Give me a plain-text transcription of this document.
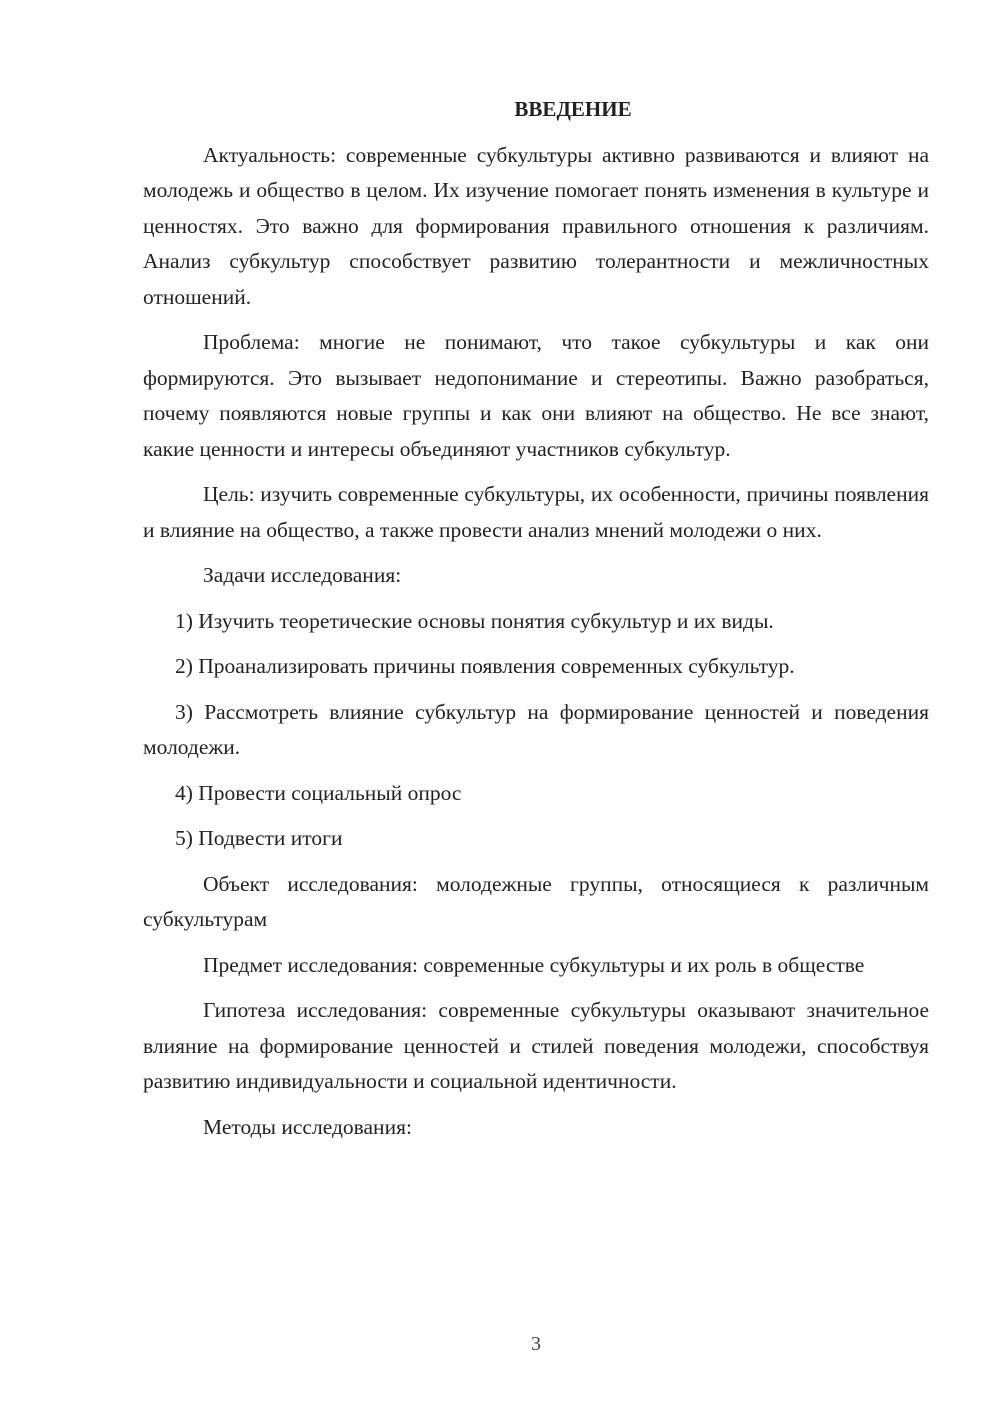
ВВЕДЕНИЕ

Актуальность: современные субкультуры активно развиваются и влияют на молодежь и общество в целом. Их изучение помогает понять изменения в культуре и ценностях. Это важно для формирования правильного отношения к различиям. Анализ субкультур способствует развитию толерантности и межличностных отношений.

Проблема: многие не понимают, что такое субкультуры и как они формируются. Это вызывает недопонимание и стереотипы. Важно разобраться, почему появляются новые группы и как они влияют на общество. Не все знают, какие ценности и интересы объединяют участников субкультур.

Цель: изучить современные субкультуры, их особенности, причины появления и влияние на общество, а также провести анализ мнений молодежи о них.

Задачи исследования:

1) Изучить теоретические основы понятия субкультур и их виды.

2) Проанализировать причины появления современных субкультур.

3) Рассмотреть влияние субкультур на формирование ценностей и поведения молодежи.

4) Провести социальный опрос

5) Подвести итоги

Объект исследования: молодежные группы, относящиеся к различным субкультурам

Предмет исследования: современные субкультуры и их роль в обществе

Гипотеза исследования: современные субкультуры оказывают значительное влияние на формирование ценностей и стилей поведения молодежи, способствуя развитию индивидуальности и социальной идентичности.

Методы исследования:

3
